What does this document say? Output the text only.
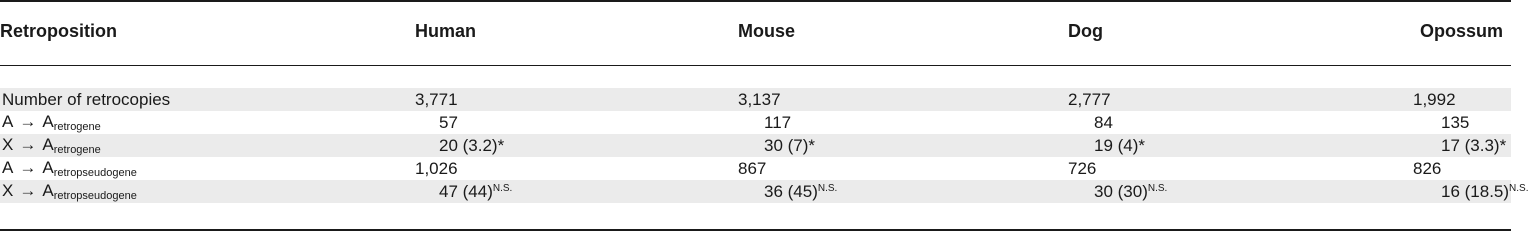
Retroposition	Human	Mouse	Dog	Opossum

Number of retrocopies	3,771	3,137	2,777	1,992
$A \to A_{retrogene}$	57	117	84	135
$X \to A_{retrogene}$	20 (3.2)*	30 (7)*	19 (4)*	17 (3.3)*
$A \to A_{retropseudogene}$	1,026	867	726	826
$X \to A_{retropseudogene}$	47 $(44)^{N.S.}$	36 $(45)^{N.S.}$	30 $(30)^{N.S.}$	16 $(18.5)^{N.S.}$
